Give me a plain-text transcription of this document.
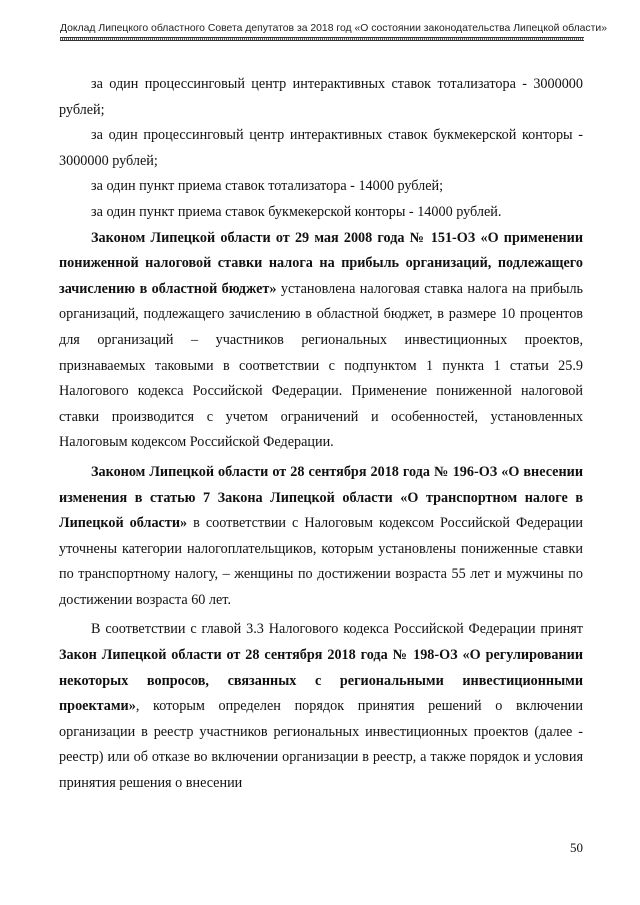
Доклад Липецкого областного Совета депутатов за 2018 год «О состоянии законодательства Липецкой области»

за один процессинговый центр интерактивных ставок тотализатора - 3000000 рублей;

за один процессинговый центр интерактивных ставок букмекерской конторы - 3000000 рублей;

за один пункт приема ставок тотализатора - 14000 рублей;

за один пункт приема ставок букмекерской конторы - 14000 рублей.

Законом Липецкой области от 29 мая 2008 года № 151-ОЗ «О применении пониженной налоговой ставки налога на прибыль организаций, подлежащего зачислению в областной бюджет» установлена налоговая ставка налога на прибыль организаций, подлежащего зачислению в областной бюджет, в размере 10 процентов для организаций – участников региональных инвестиционных проектов, признаваемых таковыми в соответствии с подпунктом 1 пункта 1 статьи 25.9 Налогового кодекса Российской Федерации. Применение пониженной налоговой ставки производится с учетом ограничений и особенностей, установленных Налоговым кодексом Российской Федерации.

Законом Липецкой области от 28 сентября 2018 года № 196-ОЗ «О внесении изменения в статью 7 Закона Липецкой области «О транспортном налоге в Липецкой области» в соответствии с Налоговым кодексом Российской Федерации уточнены категории налогоплательщиков, которым установлены пониженные ставки по транспортному налогу, – женщины по достижении возраста 55 лет и мужчины по достижении возраста 60 лет.

В соответствии с главой 3.3 Налогового кодекса Российской Федерации принят Закон Липецкой области от 28 сентября 2018 года № 198-ОЗ «О регулировании некоторых вопросов, связанных с региональными инвестиционными проектами», которым определен порядок принятия решений о включении организации в реестр участников региональных инвестиционных проектов (далее - реестр) или об отказе во включении организации в реестр, а также порядок и условия принятия решения о внесении

50
